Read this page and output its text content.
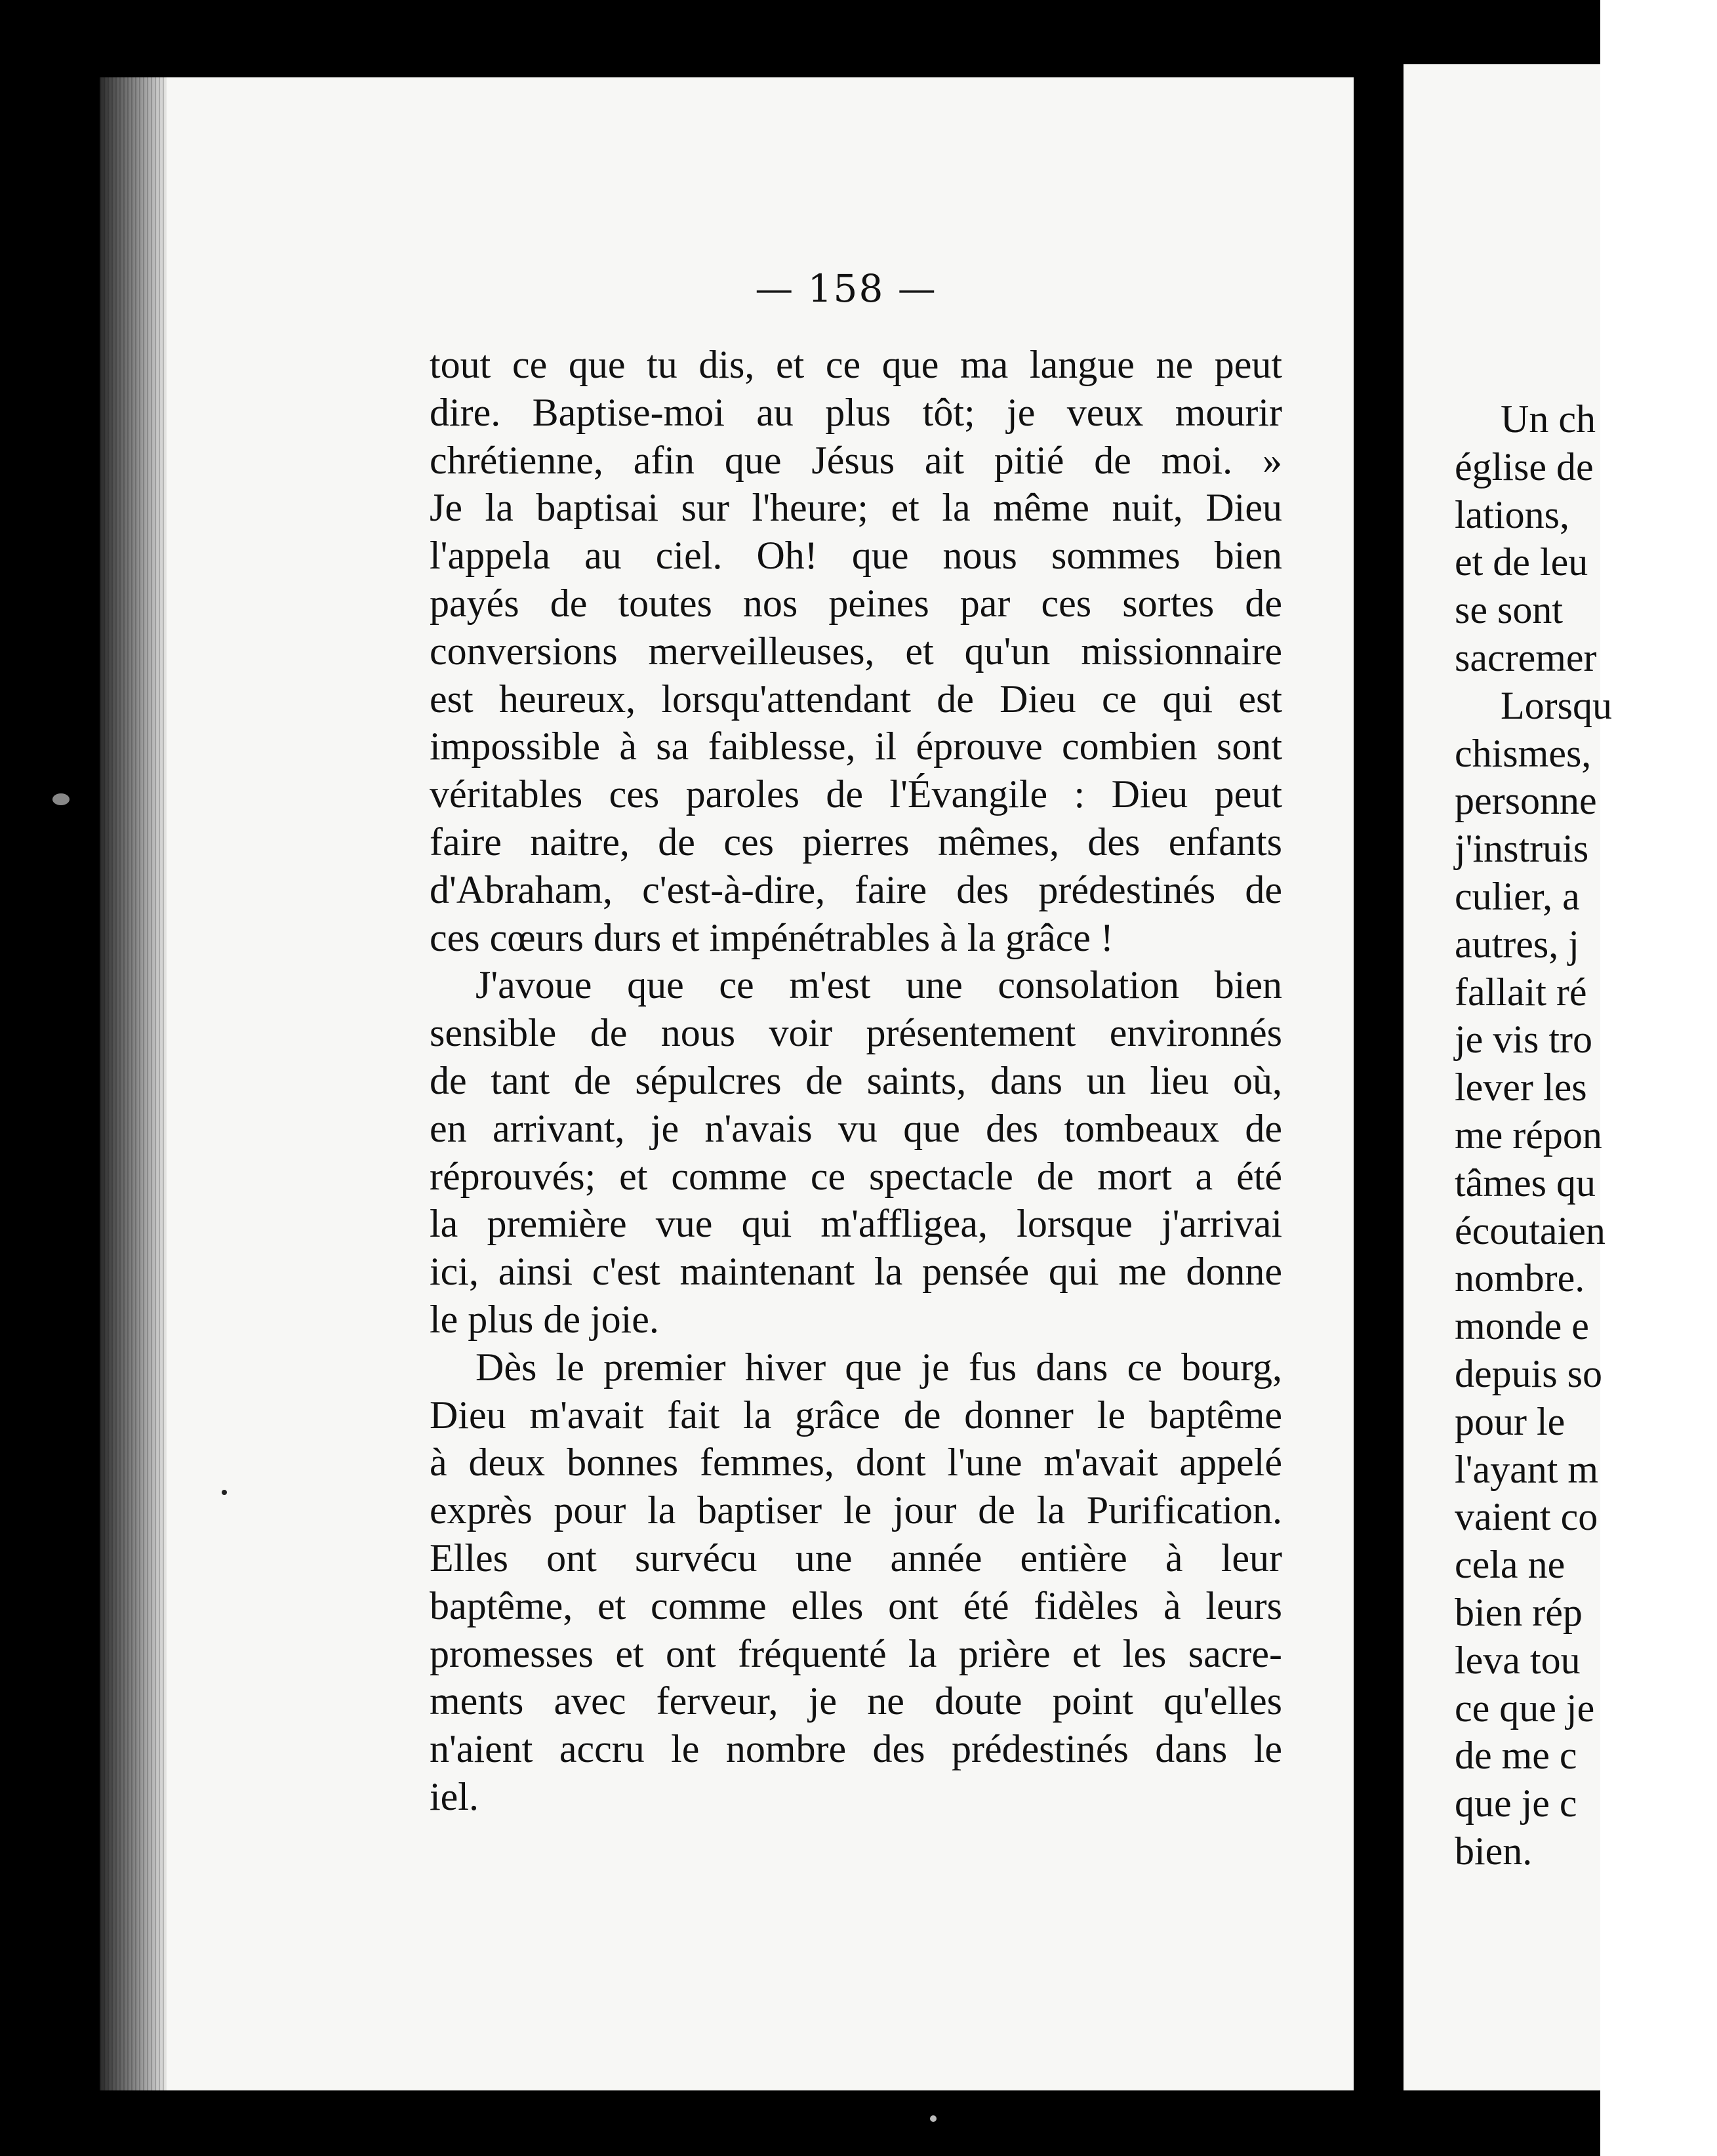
Un ch
église de
lations,
et de leu
se sont
sacremer
Lorsqu
chismes,
personne
j'instruis
culier, a
autres, j
fallait ré
je vis tro
lever les
me répon
tâmes qu
écoutaien
nombre.
monde e
depuis so
pour le
l'ayant m
vaient co
cela ne
bien rép
leva tou
ce que je
de me c
que je c
bien.
— 158 —
tout ce que tu dis, et ce que ma langue ne peut
dire. Baptise-moi au plus tôt; je veux mourir
chrétienne, afin que Jésus ait pitié de moi. »
Je la baptisai sur l'heure; et la même nuit, Dieu
l'appela au ciel. Oh! que nous sommes bien
payés de toutes nos peines par ces sortes de
conversions merveilleuses, et qu'un missionnaire
est heureux, lorsqu'attendant de Dieu ce qui est
impossible à sa faiblesse, il éprouve combien sont
véritables ces paroles de l'Évangile : Dieu peut
faire naitre, de ces pierres mêmes, des enfants
d'Abraham, c'est-à-dire, faire des prédestinés de
ces cœurs durs et impénétrables à la grâce !
J'avoue que ce m'est une consolation bien
sensible de nous voir présentement environnés
de tant de sépulcres de saints, dans un lieu où,
en arrivant, je n'avais vu que des tombeaux de
réprouvés; et comme ce spectacle de mort a été
la première vue qui m'affligea, lorsque j'arrivai
ici, ainsi c'est maintenant la pensée qui me donne
le plus de joie.
Dès le premier hiver que je fus dans ce bourg,
Dieu m'avait fait la grâce de donner le baptême
à deux bonnes femmes, dont l'une m'avait appelé
exprès pour la baptiser le jour de la Purification.
Elles ont survécu une année entière à leur
baptême, et comme elles ont été fidèles à leurs
promesses et ont fréquenté la prière et les sacre-
ments avec ferveur, je ne doute point qu'elles
n'aient accru le nombre des prédestinés dans le
iel.
